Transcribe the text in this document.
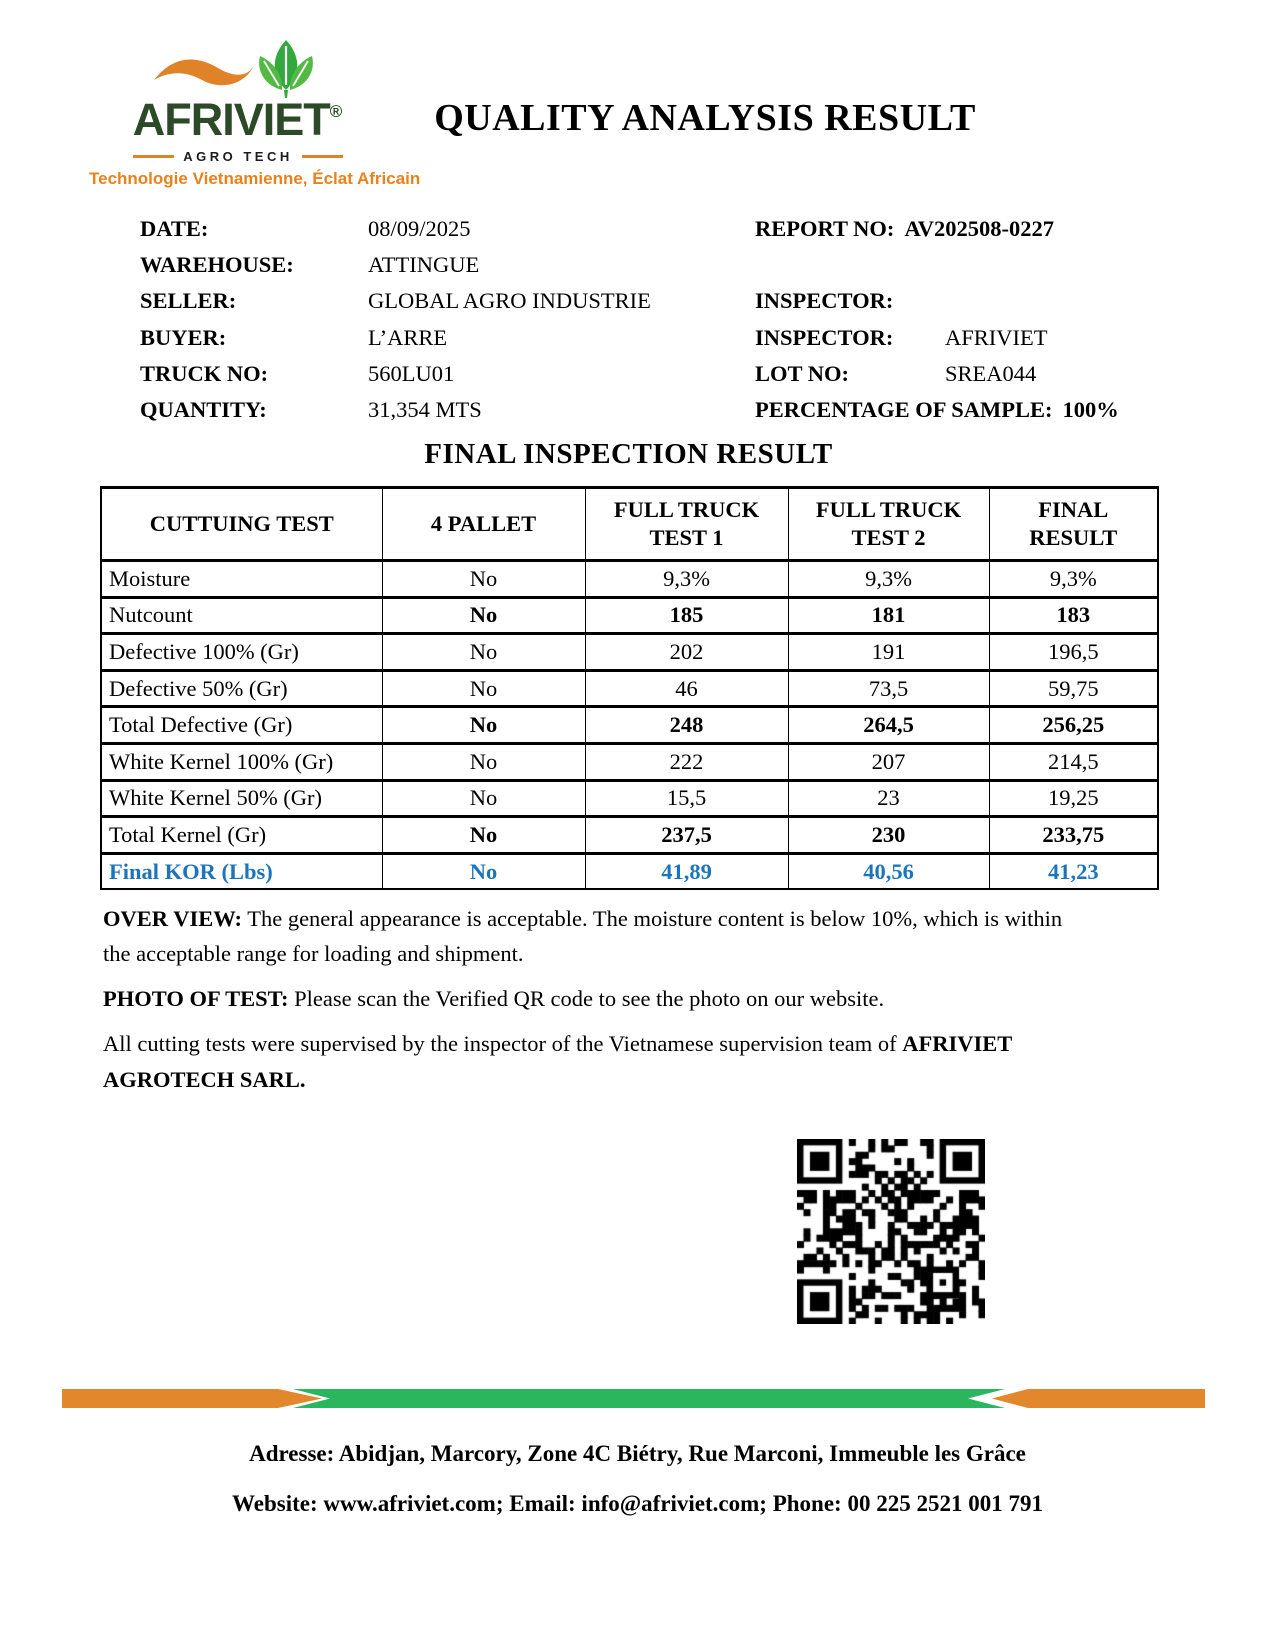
AFRIVIET®
AGRO TECH
Technologie Vietnamienne, Éclat Africain
QUALITY ANALYSIS RESULT
DATE:	08/09/2025	REPORT NO: AV202508-0227
WAREHOUSE:	ATTINGUE
SELLER:	GLOBAL AGRO INDUSTRIE	INSPECTOR:
BUYER:	L’ARRE	INSPECTOR: AFRIVIET
TRUCK NO:	560LU01	LOT NO:	SREA044
QUANTITY:	31,354 MTS	PERCENTAGE OF SAMPLE: 100%
FINAL INSPECTION RESULT
CUTTUING TEST	4 PALLET	FULL TRUCK TEST 1	FULL TRUCK TEST 2	FINAL RESULT
Moisture	No	9,3%	9,3%	9,3%
Nutcount	No	185	181	183
Defective 100% (Gr)	No	202	191	196,5
Defective 50% (Gr)	No	46	73,5	59,75
Total Defective (Gr)	No	248	264,5	256,25
White Kernel 100% (Gr)	No	222	207	214,5
White Kernel 50% (Gr)	No	15,5	23	19,25
Total Kernel (Gr)	No	237,5	230	233,75
Final KOR (Lbs)	No	41,89	40,56	41,23
OVER VIEW: The general appearance is acceptable. The moisture content is below 10%, which is within the acceptable range for loading and shipment.
PHOTO OF TEST: Please scan the Verified QR code to see the photo on our website.
All cutting tests were supervised by the inspector of the Vietnamese supervision team of AFRIVIET AGROTECH SARL.
Adresse: Abidjan, Marcory, Zone 4C Biétry, Rue Marconi, Immeuble les Grâce
Website: www.afriviet.com; Email: info@afriviet.com; Phone: 00 225 2521 001 791
